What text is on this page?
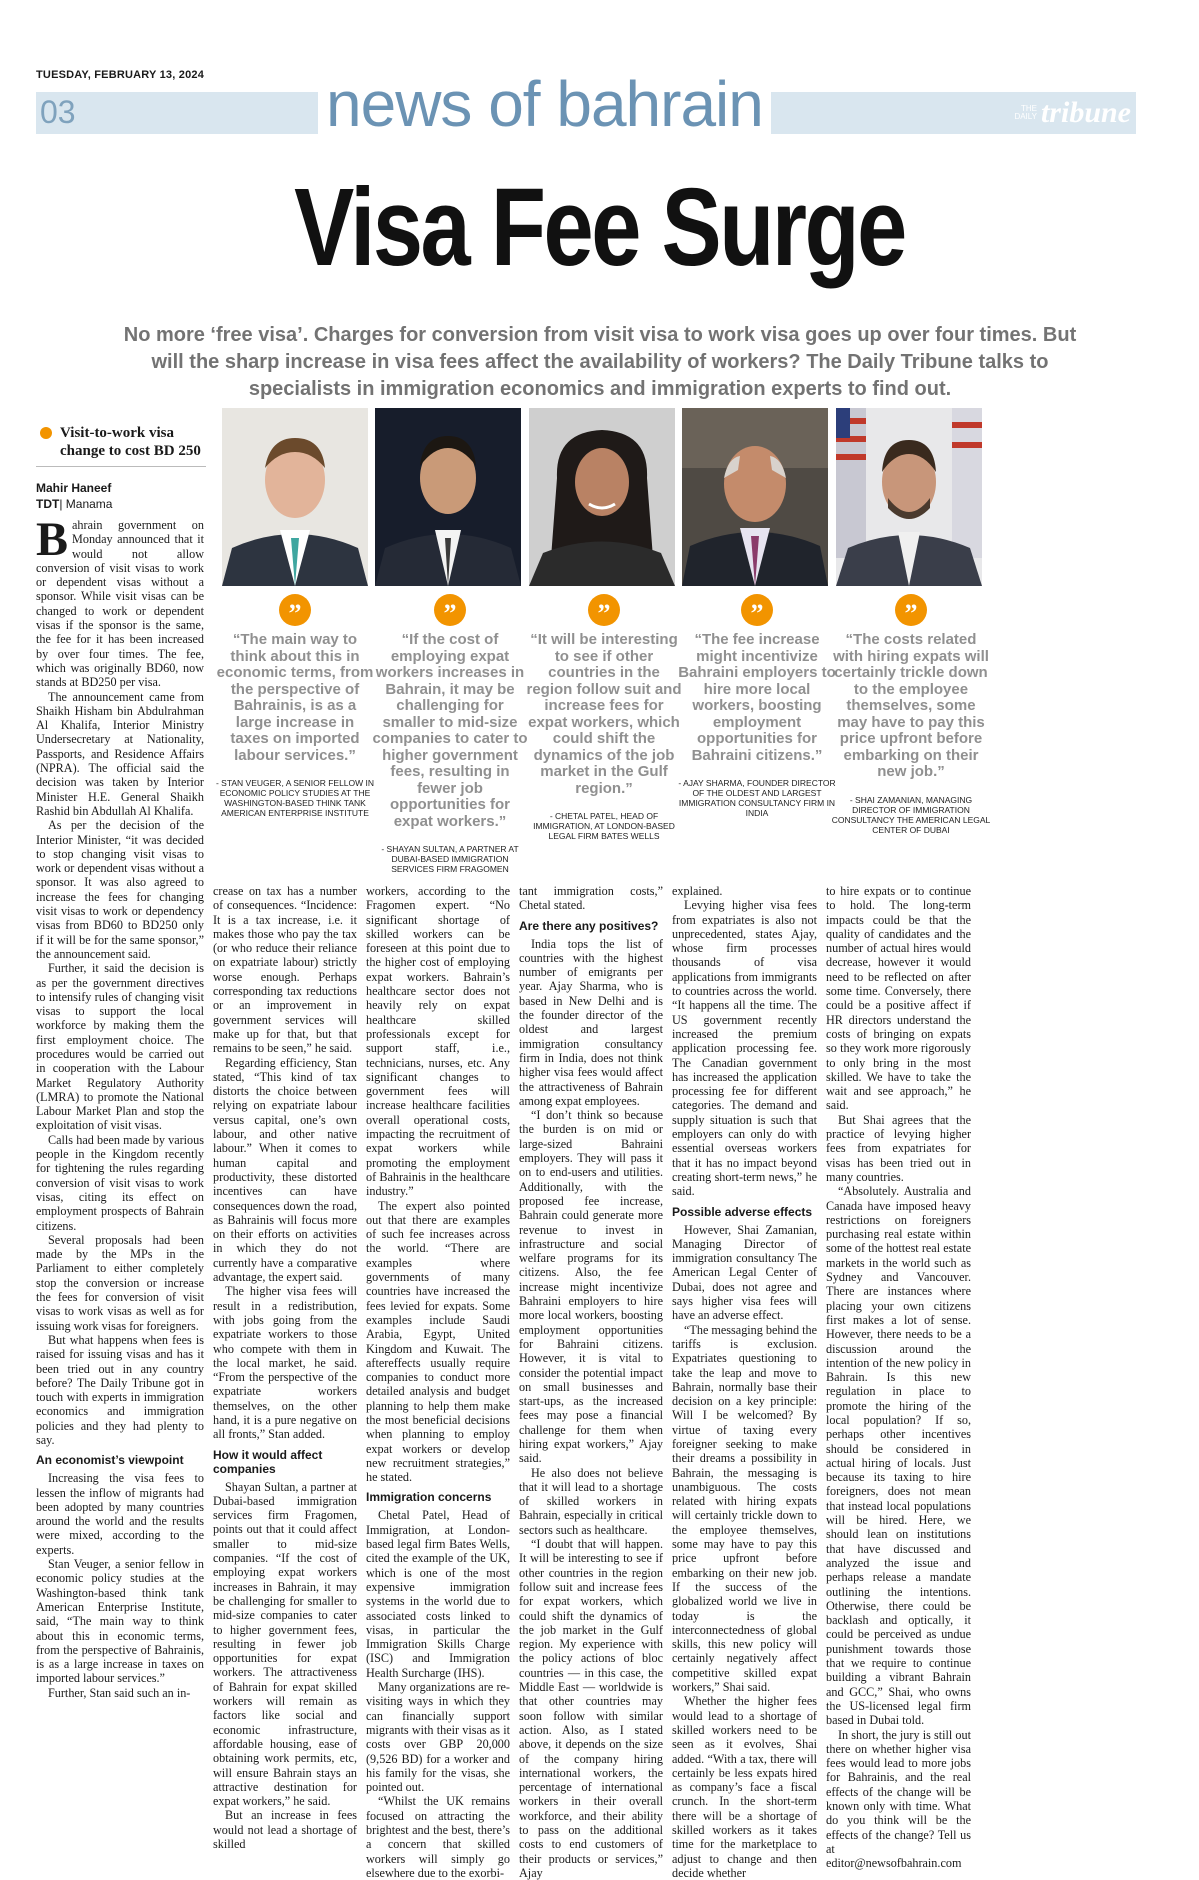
TUESDAY, FEBRUARY 13, 2024
03	news of bahrain	THE
DAILY tribune
Visa Fee Surge
No more ‘free visa’. Charges for conversion from visit visa to work visa goes up over four times. But will the sharp increase in visa fees affect the availability of workers? The Daily Tribune talks to specialists in immigration economics and immigration experts to find out.
Visit-to-work visa change to cost BD 250
Mahir Haneef
TDT| Manama
”
“The main way to think about this in economic terms, from the perspective of Bahrainis, is as a large increase in taxes on imported labour services.”
- STAN VEUGER, A SENIOR FELLOW IN ECONOMIC POLICY STUDIES AT THE WASHINGTON-BASED THINK TANK AMERICAN ENTERPRISE INSTITUTE
”
“If the cost of employing expat workers increases in Bahrain, it may be challenging for smaller to mid-size companies to cater to higher government fees, resulting in fewer job opportunities for expat workers.”
- SHAYAN SULTAN, A PARTNER AT DUBAI-BASED IMMIGRATION SERVICES FIRM FRAGOMEN
”
“It will be interesting to see if other countries in the region follow suit and increase fees for expat workers, which could shift the dynamics of the job market in the Gulf region.”
- CHETAL PATEL, HEAD OF IMMIGRATION, AT LONDON-BASED LEGAL FIRM BATES WELLS
”
“The fee increase might incentivize Bahraini employers to hire more local workers, boosting employment opportunities for Bahraini citizens.”
- AJAY SHARMA, FOUNDER DIRECTOR OF THE OLDEST AND LARGEST IMMIGRATION CONSULTANCY FIRM IN INDIA
”
“The costs related with hiring expats will certainly trickle down to the employee themselves, some may have to pay this price upfront before embarking on their new job.”
- SHAI ZAMANIAN, MANAGING DIRECTOR OF IMMIGRATION CONSULTANCY THE AMERICAN LEGAL CENTER OF DUBAI

Bahrain government on Monday announced that it would not allow conversion of visit visas to work or dependent visas without a sponsor. While visit visas can be changed to work or dependent visas if the sponsor is the same, the fee for it has been increased by over four times. The fee, which was originally BD60, now stands at BD250 per visa.

The announcement came from Shaikh Hisham bin Abdulrahman Al Khalifa, Interior Ministry Undersecretary at Nationality, Passports, and Residence Affairs (NPRA). The official said the decision was taken by Interior Minister H.E. General Shaikh Rashid bin Abdullah Al Khalifa.

As per the decision of the Interior Minister, “it was decided to stop changing visit visas to work or dependent visas without a sponsor. It was also agreed to increase the fees for changing visit visas to work or dependency visas from BD60 to BD250 only if it will be for the same sponsor,” the announcement said.

Further, it said the decision is as per the government directives to intensify rules of changing visit visas to support the local workforce by making them the first employment choice. The procedures would be carried out in cooperation with the Labour Market Regulatory Authority (LMRA) to promote the National Labour Market Plan and stop the exploitation of visit visas.

Calls had been made by various people in the Kingdom recently for tightening the rules regarding conversion of visit visas to work visas, citing its effect on employment prospects of Bahrain citizens.

Several proposals had been made by the MPs in the Parliament to either completely stop the conversion or increase the fees for conversion of visit visas to work visas as well as for issuing work visas for foreigners.

But what happens when fees is raised for issuing visas and has it been tried out in any country before? The Daily Tribune got in touch with experts in immigration economics and immigration policies and they had plenty to say.

An economist’s viewpoint

Increasing the visa fees to lessen the inflow of migrants had been adopted by many countries around the world and the results were mixed, according to the experts.

Stan Veuger, a senior fellow in economic policy studies at the Washington-based think tank American Enterprise Institute, said, “The main way to think about this in economic terms, from the perspective of Bahrainis, is as a large increase in taxes on imported labour services.”

Further, Stan said such an in-

crease on tax has a number of consequences. “Incidence: It is a tax increase, i.e. it makes those who pay the tax (or who reduce their reliance on expatriate labour) strictly worse enough. Perhaps corresponding tax reductions or an improvement in government services will make up for that, but that remains to be seen,” he said.

Regarding efficiency, Stan stated, “This kind of tax distorts the choice between relying on expatriate labour versus capital, one’s own labour, and other native labour.” When it comes to human capital and productivity, these distorted incentives can have consequences down the road, as Bahrainis will focus more on their efforts on activities in which they do not currently have a comparative advantage, the expert said.

The higher visa fees will result in a redistribution, with jobs going from the expatriate workers to those who compete with them in the local market, he said. “From the perspective of the expatriate workers themselves, on the other hand, it is a pure negative on all fronts,” Stan added.

How it would affect companies

Shayan Sultan, a partner at Dubai-based immigration services firm Fragomen, points out that it could affect smaller to mid-size companies. “If the cost of employing expat workers increases in Bahrain, it may be challenging for smaller to mid-size companies to cater to higher government fees, resulting in fewer job opportunities for expat workers. The attractiveness of Bahrain for expat skilled workers will remain as factors like social and economic infrastructure, affordable housing, ease of obtaining work permits, etc, will ensure Bahrain stays an attractive destination for expat workers,” he said.

But an increase in fees would not lead a shortage of skilled

workers, according to the Fragomen expert. “No significant shortage of skilled workers can be foreseen at this point due to the higher cost of employing expat workers. Bahrain’s healthcare sector does not heavily rely on expat healthcare skilled professionals except for support staff, i.e., technicians, nurses, etc. Any significant changes to government fees will increase healthcare facilities overall operational costs, impacting the recruitment of expat workers while promoting the employment of Bahrainis in the healthcare industry.”

The expert also pointed out that there are examples of such fee increases across the world. “There are examples where governments of many countries have increased the fees levied for expats. Some examples include Saudi Arabia, Egypt, United Kingdom and Kuwait. The aftereffects usually require companies to conduct more detailed analysis and budget planning to help them make the most beneficial decisions when planning to employ expat workers or develop new recruitment strategies,” he stated.

Immigration concerns

Chetal Patel, Head of Immigration, at London-based legal firm Bates Wells, cited the example of the UK, which is one of the most expensive immigration systems in the world due to associated costs linked to visas, in particular the Immigration Skills Charge (ISC) and Immigration Health Surcharge (IHS).

Many organizations are re-visiting ways in which they can financially support migrants with their visas as it costs over GBP 20,000 (9,526 BD) for a worker and his family for the visas, she pointed out.

“Whilst the UK remains focused on attracting the brightest and the best, there’s a concern that skilled workers will simply go elsewhere due to the exorbi-

tant immigration costs,” Chetal stated.

Are there any positives?

India tops the list of countries with the highest number of emigrants per year. Ajay Sharma, who is based in New Delhi and is the founder director of the oldest and largest immigration consultancy firm in India, does not think higher visa fees would affect the attractiveness of Bahrain among expat employees.

“I don’t think so because the burden is on mid or large-sized Bahraini employers. They will pass it on to end-users and utilities. Additionally, with the proposed fee increase, Bahrain could generate more revenue to invest in infrastructure and social welfare programs for its citizens. Also, the fee increase might incentivize Bahraini employers to hire more local workers, boosting employment opportunities for Bahraini citizens. However, it is vital to consider the potential impact on small businesses and start-ups, as the increased fees may pose a financial challenge for them when hiring expat workers,” Ajay said.

He also does not believe that it will lead to a shortage of skilled workers in Bahrain, especially in critical sectors such as healthcare.

“I doubt that will happen. It will be interesting to see if other countries in the region follow suit and increase fees for expat workers, which could shift the dynamics of the job market in the Gulf region. My experience with the policy actions of bloc countries — in this case, the Middle East — worldwide is that other countries may soon follow with similar action. Also, as I stated above, it depends on the size of the company hiring international workers, the percentage of international workers in their overall workforce, and their ability to pass on the additional costs to end customers of their products or services,” Ajay

explained.

Levying higher visa fees from expatriates is also not unprecedented, states Ajay, whose firm processes thousands of visa applications from immigrants to countries across the world. “It happens all the time. The US government recently increased the premium application processing fee. The Canadian government has increased the application processing fee for different categories. The demand and supply situation is such that employers can only do with essential overseas workers that it has no impact beyond creating short-term news,” he said.

Possible adverse effects

However, Shai Zamanian, Managing Director of immigration consultancy The American Legal Center of Dubai, does not agree and says higher visa fees will have an adverse effect.

“The messaging behind the tariffs is exclusion. Expatriates questioning to take the leap and move to Bahrain, normally base their decision on a key principle: Will I be welcomed? By virtue of taxing every foreigner seeking to make their dreams a possibility in Bahrain, the messaging is unambiguous. The costs related with hiring expats will certainly trickle down to the employee themselves, some may have to pay this price upfront before embarking on their new job. If the success of the globalized world we live in today is the interconnectedness of global skills, this new policy will certainly negatively affect competitive skilled expat workers,” Shai said.

Whether the higher fees would lead to a shortage of skilled workers need to be seen as it evolves, Shai added. “With a tax, there will certainly be less expats hired as company’s face a fiscal crunch. In the short-term there will be a shortage of skilled workers as it takes time for the marketplace to adjust to change and then decide whether

to hire expats or to continue to hold. The long-term impacts could be that the quality of candidates and the number of actual hires would decrease, however it would need to be reflected on after some time. Conversely, there could be a positive affect if HR directors understand the costs of bringing on expats so they work more rigorously to only bring in the most skilled. We have to take the wait and see approach,” he said.

But Shai agrees that the practice of levying higher fees from expatriates for visas has been tried out in many countries.

“Absolutely. Australia and Canada have imposed heavy restrictions on foreigners purchasing real estate within some of the hottest real estate markets in the world such as Sydney and Vancouver. There are instances where placing your own citizens first makes a lot of sense. However, there needs to be a discussion around the intention of the new policy in Bahrain. Is this new regulation in place to promote the hiring of the local population? If so, perhaps other incentives should be considered in actual hiring of locals. Just because its taxing to hire foreigners, does not mean that instead local populations will be hired. Here, we should lean on institutions that have discussed and analyzed the issue and perhaps release a mandate outlining the intentions. Otherwise, there could be backlash and optically, it could be perceived as undue punishment towards those that we require to continue building a vibrant Bahrain and GCC,” Shai, who owns the US-licensed legal firm based in Dubai told.

In short, the jury is still out there on whether higher visa fees would lead to more jobs for Bahrainis, and the real effects of the change will be known only with time. What do you think will be the effects of the change? Tell us at editor@newsofbahrain.com
